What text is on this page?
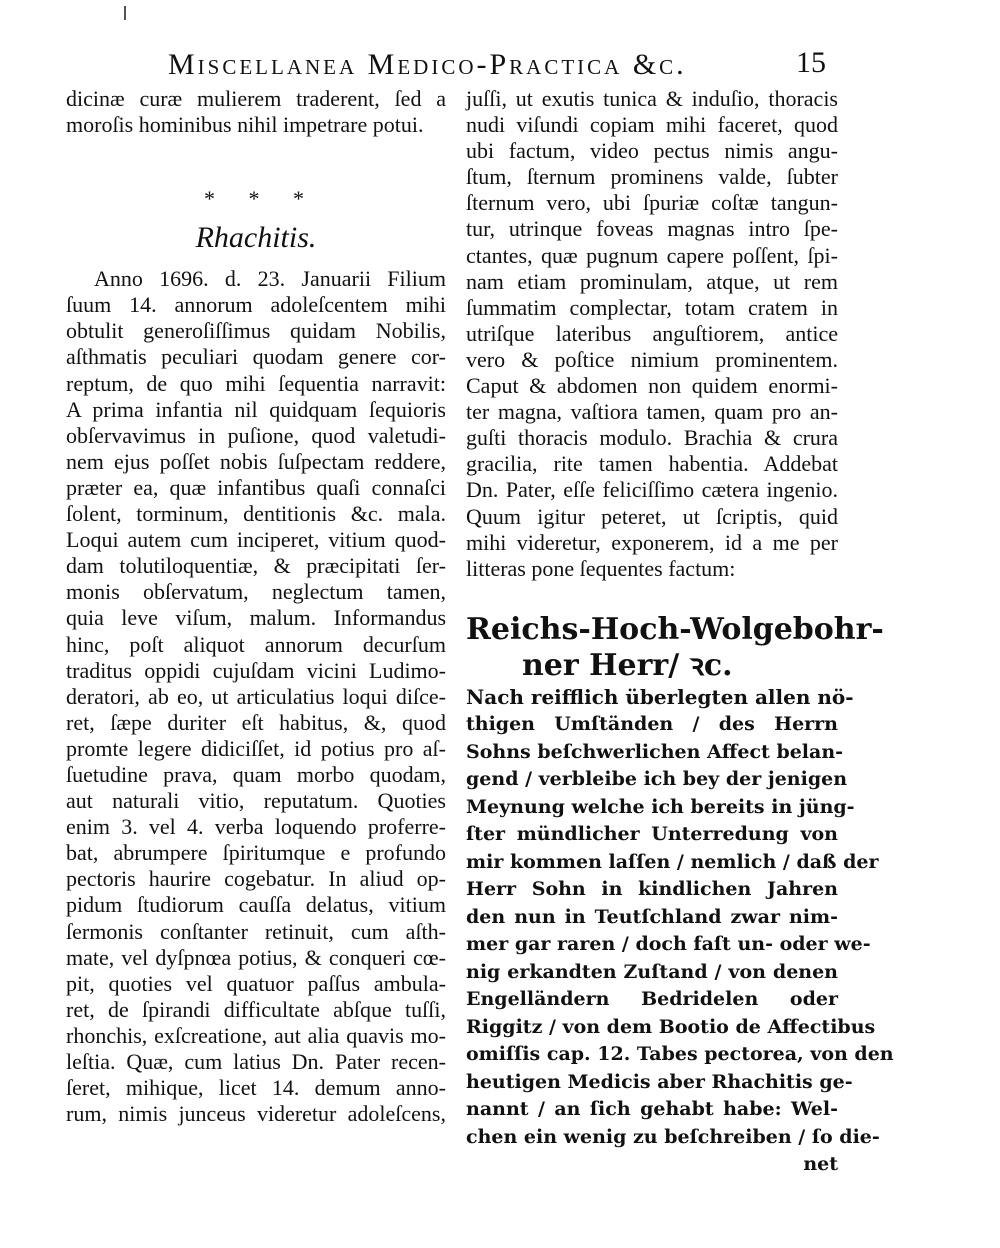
Miscellanea Medico-Practica &c.	15
dicinæ curæ mulierem traderent, ſed a
moroſis hominibus nihil impetrare potui.
* * *
Rhachitis.
Anno 1696. d. 23. Januarii Filium
ſuum 14. annorum adoleſcentem mihi
obtulit generoſiſſimus quidam Nobilis,
aſthmatis peculiari quodam genere cor-
reptum, de quo mihi ſequentia narravit:
A prima infantia nil quidquam ſequioris
obſervavimus in puſione, quod valetudi-
nem ejus poſſet nobis ſuſpectam reddere,
præter ea, quæ infantibus quaſi connaſci
ſolent, torminum, dentitionis &c. mala.
Loqui autem cum inciperet, vitium quod-
dam tolutiloquentiæ, & præcipitati ſer-
monis obſervatum, neglectum tamen,
quia leve viſum, malum. Informandus
hinc, poſt aliquot annorum decurſum
traditus oppidi cujuſdam vicini Ludimo-
deratori, ab eo, ut articulatius loqui diſce-
ret, ſæpe duriter eſt habitus, &, quod
promte legere didiciſſet, id potius pro aſ-
ſuetudine prava, quam morbo quodam,
aut naturali vitio, reputatum. Quoties
enim 3. vel 4. verba loquendo proferre-
bat, abrumpere ſpiritumque e profundo
pectoris haurire cogebatur. In aliud op-
pidum ſtudiorum cauſſa delatus, vitium
ſermonis conſtanter retinuit, cum aſth-
mate, vel dyſpnœa potius, & conqueri cœ-
pit, quoties vel quatuor paſſus ambula-
ret, de ſpirandi difficultate abſque tuſſi,
rhonchis, exſcreatione, aut alia quavis mo-
leſtia. Quæ, cum latius Dn. Pater recen-
ſeret, mihique, licet 14. demum anno-
rum, nimis junceus videretur adoleſcens,
juſſi, ut exutis tunica & induſio, thoracis
nudi viſundi copiam mihi faceret, quod
ubi factum, video pectus nimis angu-
ſtum, ſternum prominens valde, ſubter
ſternum vero, ubi ſpuriæ coſtæ tangun-
tur, utrinque foveas magnas intro ſpe-
ctantes, quæ pugnum capere poſſent, ſpi-
nam etiam prominulam, atque, ut rem
ſummatim complectar, totam cratem in
utriſque lateribus anguſtiorem, antice
vero & poſtice nimium prominentem.
Caput & abdomen non quidem enormi-
ter magna, vaſtiora tamen, quam pro an-
guſti thoracis modulo. Brachia & crura
gracilia, rite tamen habentia. Addebat
Dn. Pater, eſſe feliciſſimo cætera ingenio.
Quum igitur peteret, ut ſcriptis, quid
mihi videretur, exponerem, id a me per
litteras pone ſequentes factum:
Reichs-Hoch-Wolgebohr-
ner Herr/ ꝛc.
Nach reifflich überlegten allen nö-
thigen Umſtänden / des Herrn
Sohns beſchwerlichen Affect belan-
gend / verbleibe ich bey der jenigen
Meynung welche ich bereits in jüng-
ſter mündlicher Unterredung von
mir kommen laſſen / nemlich / daß der
Herr Sohn in kindlichen Jahren
den nun in Teutſchland zwar nim-
mer gar raren / doch faſt un- oder we-
nig erkandten Zuſtand / von denen
Engelländern Bedridelen oder
Riggitz / von dem Bootio de Affectibus
omiſſis cap. 12. Tabes pectorea, von den
heutigen Medicis aber Rhachitis ge-
nannt / an ſich gehabt habe: Wel-
chen ein wenig zu beſchreiben / ſo die-
net
